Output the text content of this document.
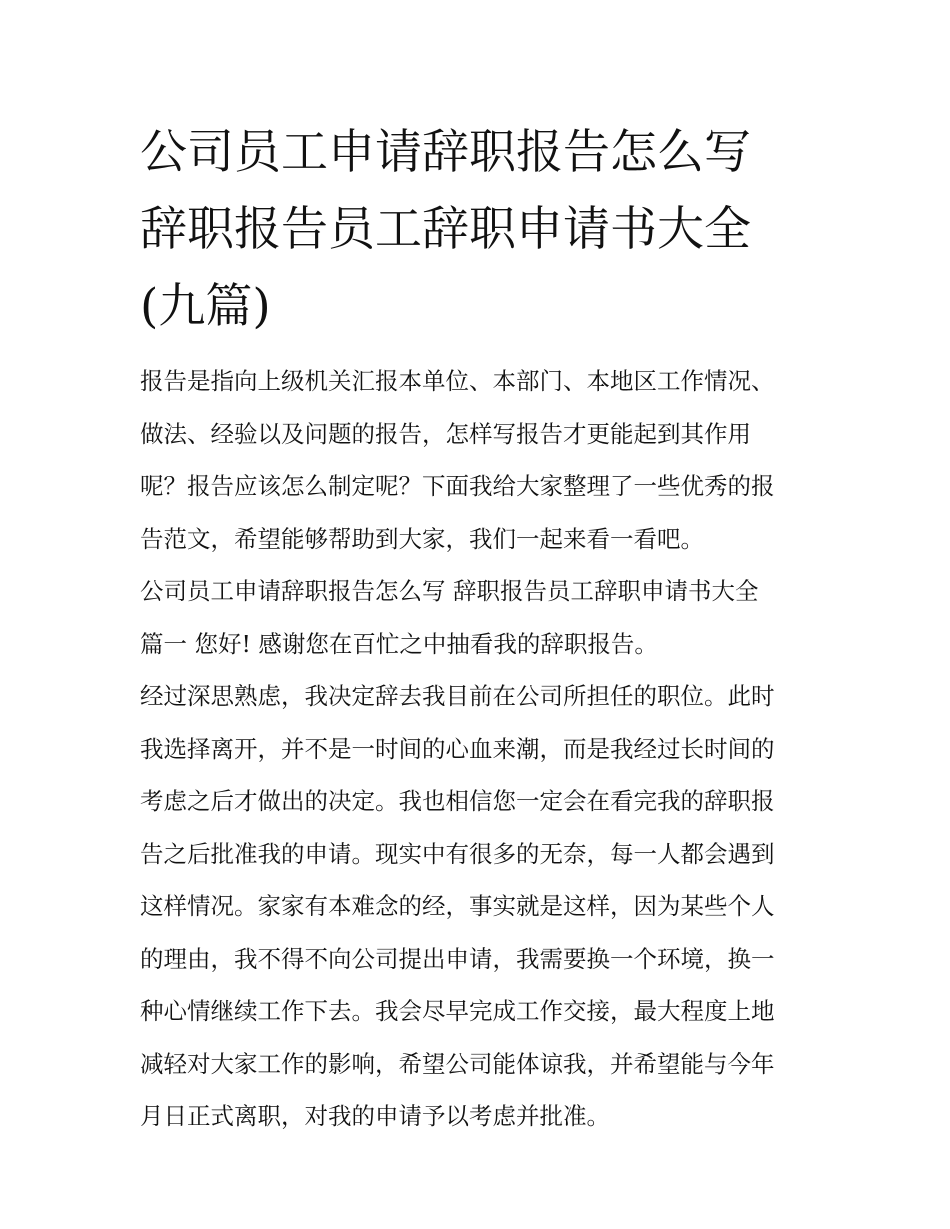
公司员工申请辞职报告怎么写
辞职报告员工辞职申请书大全
(九篇)
报告是指向上级机关汇报本单位、本部门、本地区工作情况、
做法、经验以及问题的报告，怎样写报告才更能起到其作用
呢？报告应该怎么制定呢？下面我给大家整理了一些优秀的报
告范文，希望能够帮助到大家，我们一起来看一看吧。
公司员工申请辞职报告怎么写 辞职报告员工辞职申请书大全
篇一 您好! 感谢您在百忙之中抽看我的辞职报告。
经过深思熟虑，我决定辞去我目前在公司所担任的职位。此时
我选择离开，并不是一时间的心血来潮，而是我经过长时间的
考虑之后才做出的决定。我也相信您一定会在看完我的辞职报
告之后批准我的申请。现实中有很多的无奈，每一人都会遇到
这样情况。家家有本难念的经，事实就是这样，因为某些个人
的理由，我不得不向公司提出申请，我需要换一个环境，换一
种心情继续工作下去。我会尽早完成工作交接，最大程度上地
减轻对大家工作的影响，希望公司能体谅我，并希望能与今年
月日正式离职，对我的申请予以考虑并批准。
